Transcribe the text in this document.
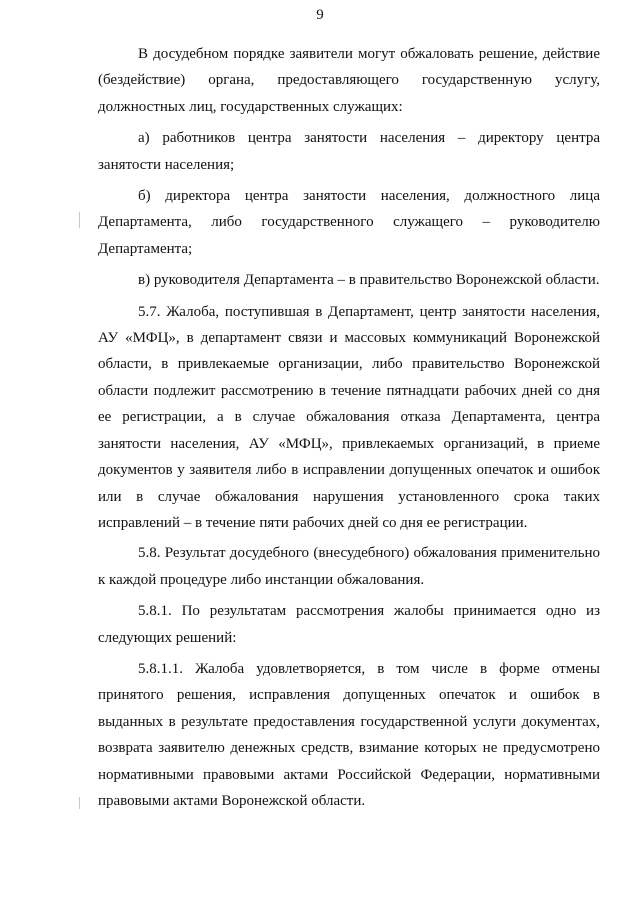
9

В досудебном порядке заявители могут обжаловать решение, действие (бездействие) органа, предоставляющего государственную услугу, должностных лиц, государственных служащих:

а) работников центра занятости населения – директору центра занятости населения;

б) директора центра занятости населения, должностного лица Департамента, либо государственного служащего – руководителю Департамента;

в) руководителя Департамента – в правительство Воронежской области.

5.7. Жалоба, поступившая в Департамент, центр занятости населения, АУ «МФЦ», в департамент связи и массовых коммуникаций Воронежской области, в привлекаемые организации, либо правительство Воронежской области подлежит рассмотрению в течение пятнадцати рабочих дней со дня ее регистрации, а в случае обжалования отказа Департамента, центра занятости населения, АУ «МФЦ», привлекаемых организаций, в приеме документов у заявителя либо в исправлении допущенных опечаток и ошибок или в случае обжалования нарушения установленного срока таких исправлений – в течение пяти рабочих дней со дня ее регистрации.

5.8. Результат досудебного (внесудебного) обжалования применительно к каждой процедуре либо инстанции обжалования.

5.8.1. По результатам рассмотрения жалобы принимается одно из следующих решений:

5.8.1.1. Жалоба удовлетворяется, в том числе в форме отмены принятого решения, исправления допущенных опечаток и ошибок в выданных в результате предоставления государственной услуги документах, возврата заявителю денежных средств, взимание которых не предусмотрено нормативными правовыми актами Российской Федерации, нормативными правовыми актами Воронежской области.
